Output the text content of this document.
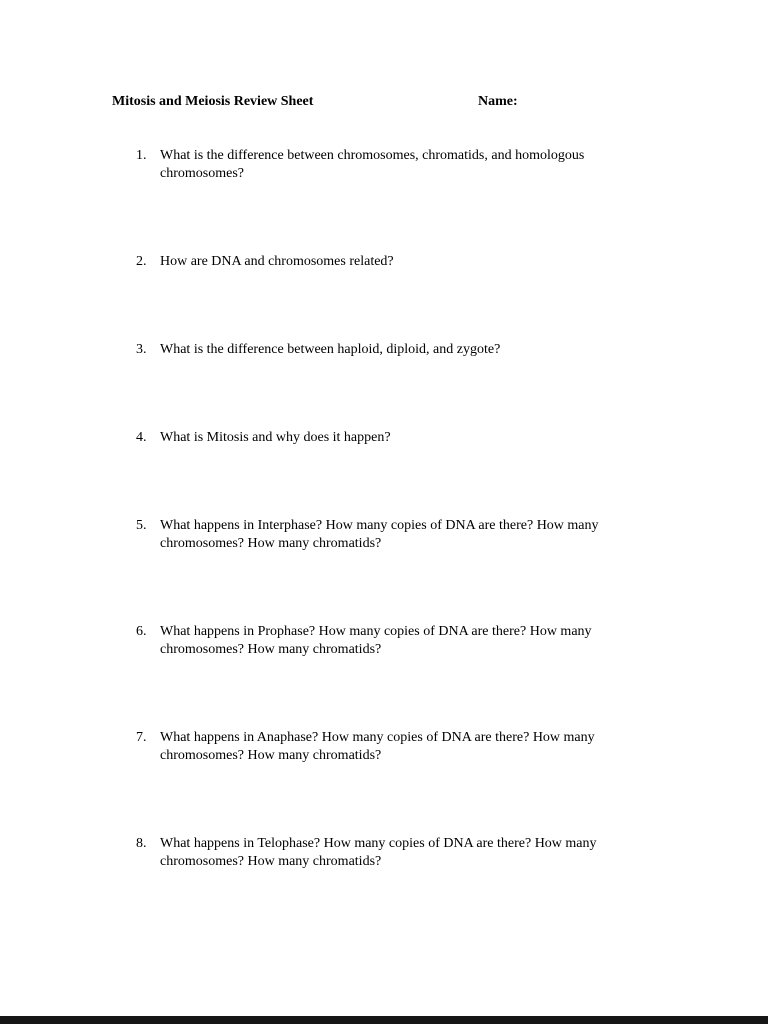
Mitosis and Meiosis Review Sheet	Name:
1. What is the difference between chromosomes, chromatids, and homologous chromosomes?
2. How are DNA and chromosomes related?
3. What is the difference between haploid, diploid, and zygote?
4. What is Mitosis and why does it happen?
5. What happens in Interphase? How many copies of DNA are there? How many chromosomes? How many chromatids?
6. What happens in Prophase? How many copies of DNA are there? How many chromosomes? How many chromatids?
7. What happens in Anaphase? How many copies of DNA are there? How many chromosomes? How many chromatids?
8. What happens in Telophase? How many copies of DNA are there? How many chromosomes? How many chromatids?
